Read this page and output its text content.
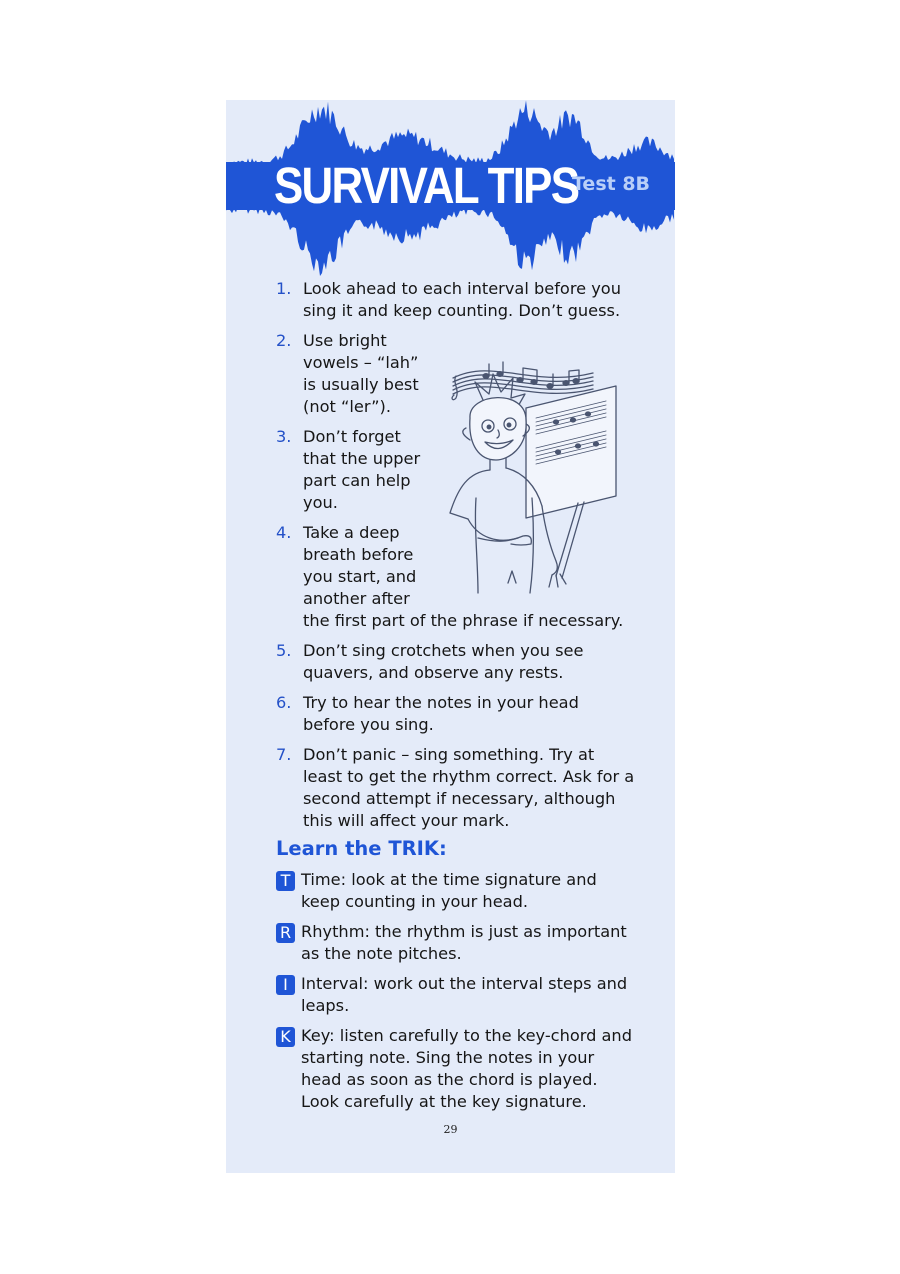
SURVIVAL TIPS
Test 8B
1. Look ahead to each interval before you sing it and keep counting. Don’t guess.
2. Use bright vowels – “lah” is usually best (not “ler”).
3. Don’t forget that the upper part can help you.
4. Take a deep
breath before
you start, and
another after
the first part of the phrase if necessary.
5. Don’t sing crotchets when you see quavers, and observe any rests.
6. Try to hear the notes in your head before you sing.
7. Don’t panic – sing something. Try at least to get the rhythm correct. Ask for a second attempt if necessary, although this will affect your mark.
Learn the TRIK:
T Time: look at the time signature and keep counting in your head.
R Rhythm: the rhythm is just as important as the note pitches.
I Interval: work out the interval steps and leaps.
K Key: listen carefully to the key-chord and starting note. Sing the notes in your head as soon as the chord is played. Look carefully at the key signature.
29
